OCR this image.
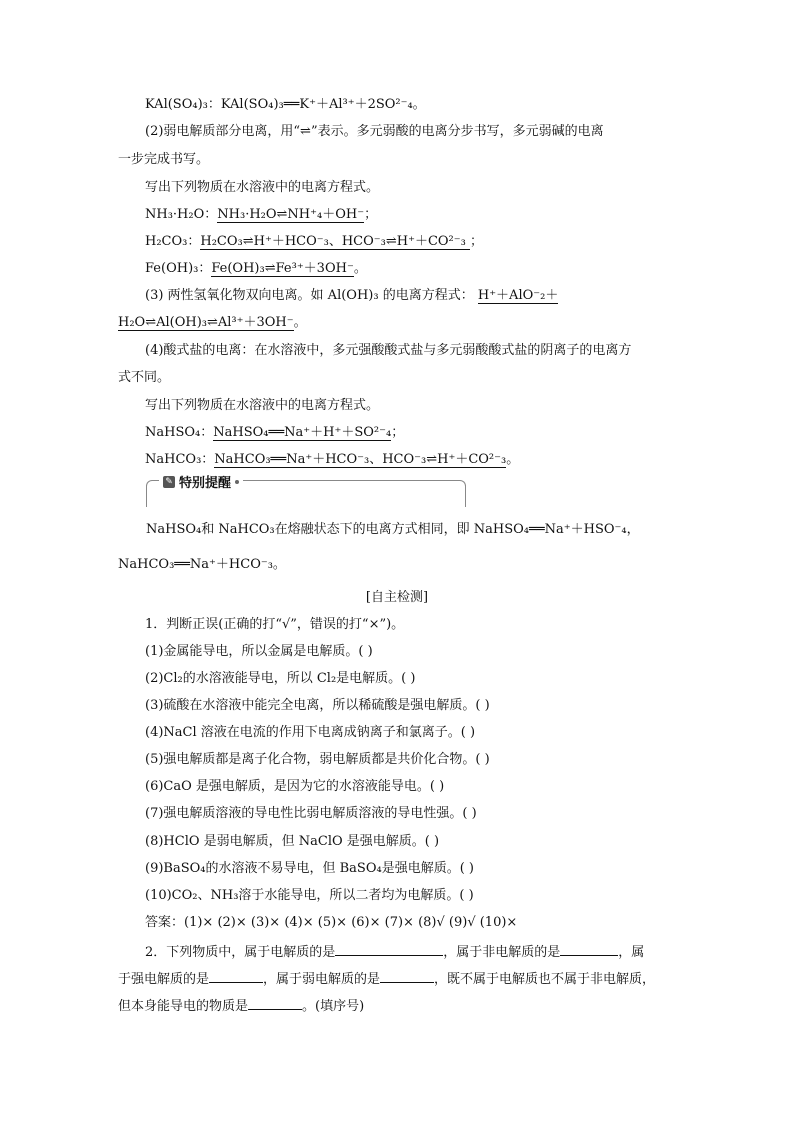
KAl(SO₄)₃：KAl(SO₄)₃══K⁺＋Al³⁺＋2SO²⁻₄。
(2)弱电解质部分电离，用“⇌”表示。多元弱酸的电离分步书写，多元弱碱的电离
一步完成书写。
写出下列物质在水溶液中的电离方程式。
NH₃·H₂O：NH₃·H₂O⇌NH⁺₄＋OH⁻；
H₂CO₃：H₂CO₃⇌H⁺＋HCO⁻₃、HCO⁻₃⇌H⁺＋CO²⁻₃ ；
Fe(OH)₃：Fe(OH)₃⇌Fe³⁺＋3OH⁻。
(3) 两性氢氧化物双向电离。如 Al(OH)₃ 的电离方程式： H⁺＋AlO⁻₂＋
H₂O⇌Al(OH)₃⇌Al³⁺＋3OH⁻。
(4)酸式盐的电离：在水溶液中，多元强酸酸式盐与多元弱酸酸式盐的阴离子的电离方
式不同。
写出下列物质在水溶液中的电离方程式。
NaHSO₄：NaHSO₄══Na⁺＋H⁺＋SO²⁻₄；
NaHCO₃：NaHCO₃══Na⁺＋HCO⁻₃、HCO⁻₃⇌H⁺＋CO²⁻₃。
✎ 特别提醒
NaHSO₄和 NaHCO₃在熔融状态下的电离方式相同，即 NaHSO₄══Na⁺＋HSO⁻₄，
NaHCO₃══Na⁺＋HCO⁻₃。
[自主检测]
1．判断正误(正确的打“√”，错误的打“×”)。
(1)金属能导电，所以金属是电解质。( )
(2)Cl₂的水溶液能导电，所以 Cl₂是电解质。( )
(3)硫酸在水溶液中能完全电离，所以稀硫酸是强电解质。( )
(4)NaCl 溶液在电流的作用下电离成钠离子和氯离子。( )
(5)强电解质都是离子化合物，弱电解质都是共价化合物。( )
(6)CaO 是强电解质，是因为它的水溶液能导电。( )
(7)强电解质溶液的导电性比弱电解质溶液的导电性强。( )
(8)HClO 是弱电解质，但 NaClO 是强电解质。( )
(9)BaSO₄的水溶液不易导电，但 BaSO₄是强电解质。( )
(10)CO₂、NH₃溶于水能导电，所以二者均为电解质。( )
答案：(1)× (2)× (3)× (4)× (5)× (6)× (7)× (8)√ (9)√ (10)×
2．下列物质中，属于电解质的是	，属于非电解质的是	，属
于强电解质的是	，属于弱电解质的是	，既不属于电解质也不属于非电解质，
但本身能导电的物质是	。(填序号)
